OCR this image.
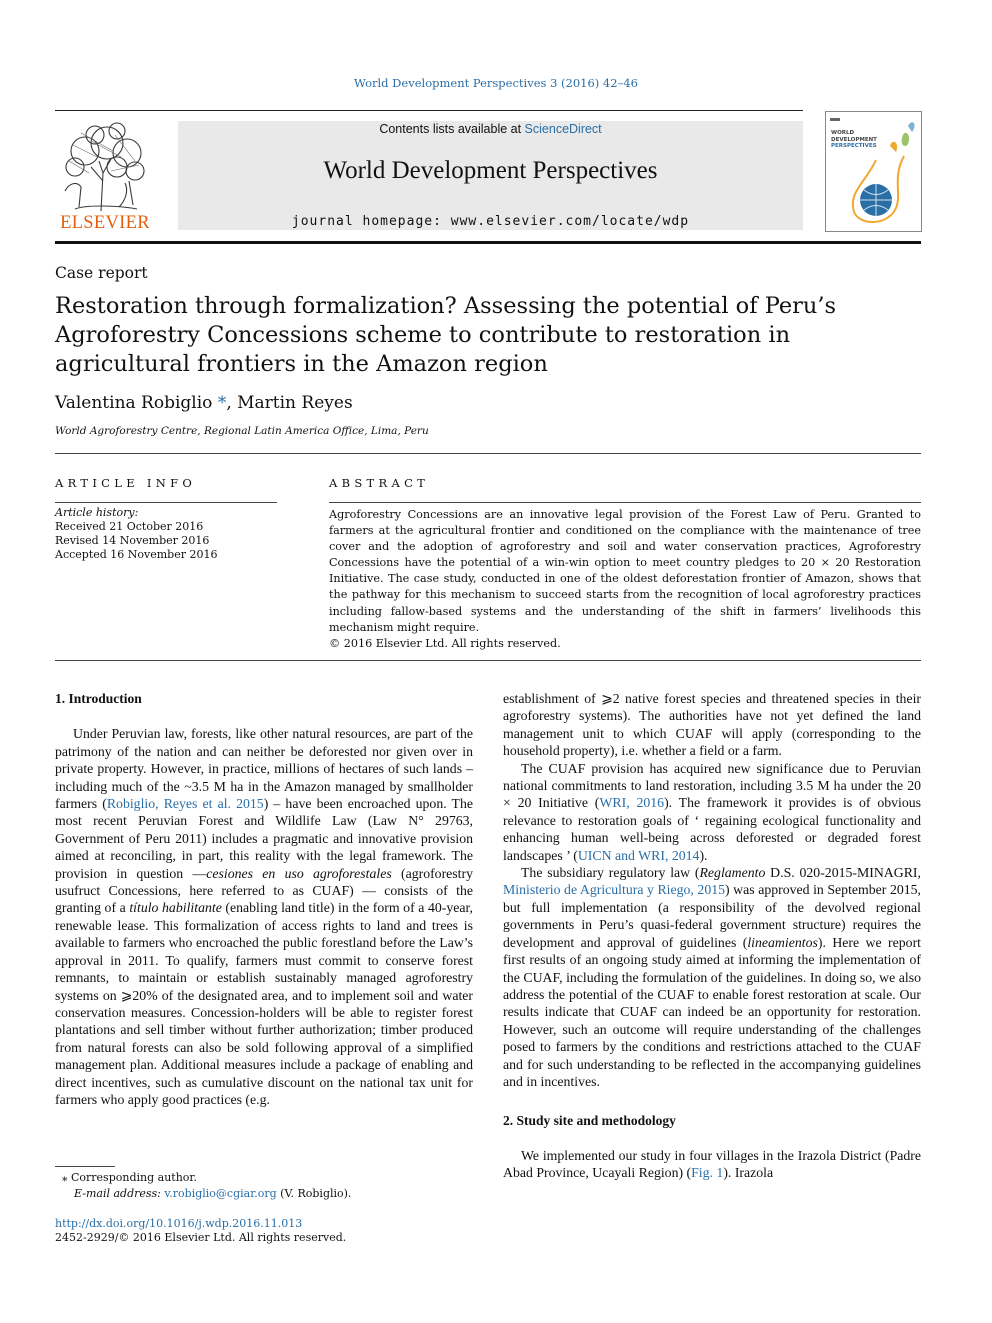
World Development Perspectives 3 (2016) 42–46
ELSEVIER
Contents lists available at ScienceDirect
World Development Perspectives
journal homepage: www.elsevier.com/locate/wdp
WORLD
DEVELOPMENT
PERSPECTIVES
Case report
Restoration through formalization? Assessing the potential of Peru’s Agroforestry Concessions scheme to contribute to restoration in agricultural frontiers in the Amazon region
Valentina Robiglio *, Martin Reyes
World Agroforestry Centre, Regional Latin America Office, Lima, Peru
ARTICLE INFO
Article history:
Received 21 October 2016
Revised 14 November 2016
Accepted 16 November 2016
ABSTRACT

Agroforestry Concessions are an innovative legal provision of the Forest Law of Peru. Granted to farmers at the agricultural frontier and conditioned on the compliance with the maintenance of tree cover and the adoption of agroforestry and soil and water conservation practices, Agroforestry Concessions have the potential of a win-win option to meet country pledges to 20 × 20 Restoration Initiative. The case study, conducted in one of the oldest deforestation frontier of Amazon, shows that the pathway for this mechanism to succeed starts from the recognition of local agroforestry practices including fallow-based systems and the understanding of the shift in farmers’ livelihoods this mechanism might require.

© 2016 Elsevier Ltd. All rights reserved.

1. Introduction

Under Peruvian law, forests, like other natural resources, are part of the patrimony of the nation and can neither be deforested nor given over in private property. However, in practice, millions of hectares of such lands – including much of the ~3.5 M ha in the Amazon managed by smallholder farmers (Robiglio, Reyes et al. 2015) – have been encroached upon. The most recent Peruvian Forest and Wildlife Law (Law N° 29763, Government of Peru 2011) includes a pragmatic and innovative provision aimed at reconciling, in part, this reality with the legal framework. The provision in question —cesiones en uso agroforestales (agroforestry usufruct Concessions, here referred to as CUAF) — consists of the granting of a título habilitante (enabling land title) in the form of a 40-year, renewable lease. This formalization of access rights to land and trees is available to farmers who encroached the public forestland before the Law’s approval in 2011. To qualify, farmers must commit to conserve forest remnants, to maintain or establish sustainably managed agroforestry systems on ⩾20% of the designated area, and to implement soil and water conservation measures. Concession-holders will be able to register forest plantations and sell timber without further authorization; timber produced from natural forests can also be sold following approval of a simplified management plan. Additional measures include a package of enabling and direct incentives, such as cumulative discount on the national tax unit for farmers who apply good practices (e.g.

establishment of ⩾2 native forest species and threatened species in their agroforestry systems). The authorities have not yet defined the land management unit to which CUAF will apply (corresponding to the household property), i.e. whether a field or a farm.

The CUAF provision has acquired new significance due to Peruvian national commitments to land restoration, including 3.5 M ha under the 20 × 20 Initiative (WRI, 2016). The framework it provides is of obvious relevance to restoration goals of ‘ regaining ecological functionality and enhancing human well-being across deforested or degraded forest landscapes ’ (UICN and WRI, 2014).

The subsidiary regulatory law (Reglamento D.S. 020-2015-MINAGRI, Ministerio de Agricultura y Riego, 2015) was approved in September 2015, but full implementation (a responsibility of the devolved regional governments in Peru’s quasi-federal government structure) requires the development and approval of guidelines (lineamientos). Here we report first results of an ongoing study aimed at informing the implementation of the CUAF, including the formulation of the guidelines. In doing so, we also address the potential of the CUAF to enable forest restoration at scale. Our results indicate that CUAF can indeed be an opportunity for restoration. However, such an outcome will require understanding of the challenges posed to farmers by the conditions and restrictions attached to the CUAF and for such understanding to be reflected in the accompanying guidelines and in incentives.

2. Study site and methodology

We implemented our study in four villages in the Irazola District (Padre Abad Province, Ucayali Region) (Fig. 1). Irazola

⁎ Corresponding author.
E-mail address: v.robiglio@cgiar.org (V. Robiglio).
http://dx.doi.org/10.1016/j.wdp.2016.11.013
2452-2929/© 2016 Elsevier Ltd. All rights reserved.
